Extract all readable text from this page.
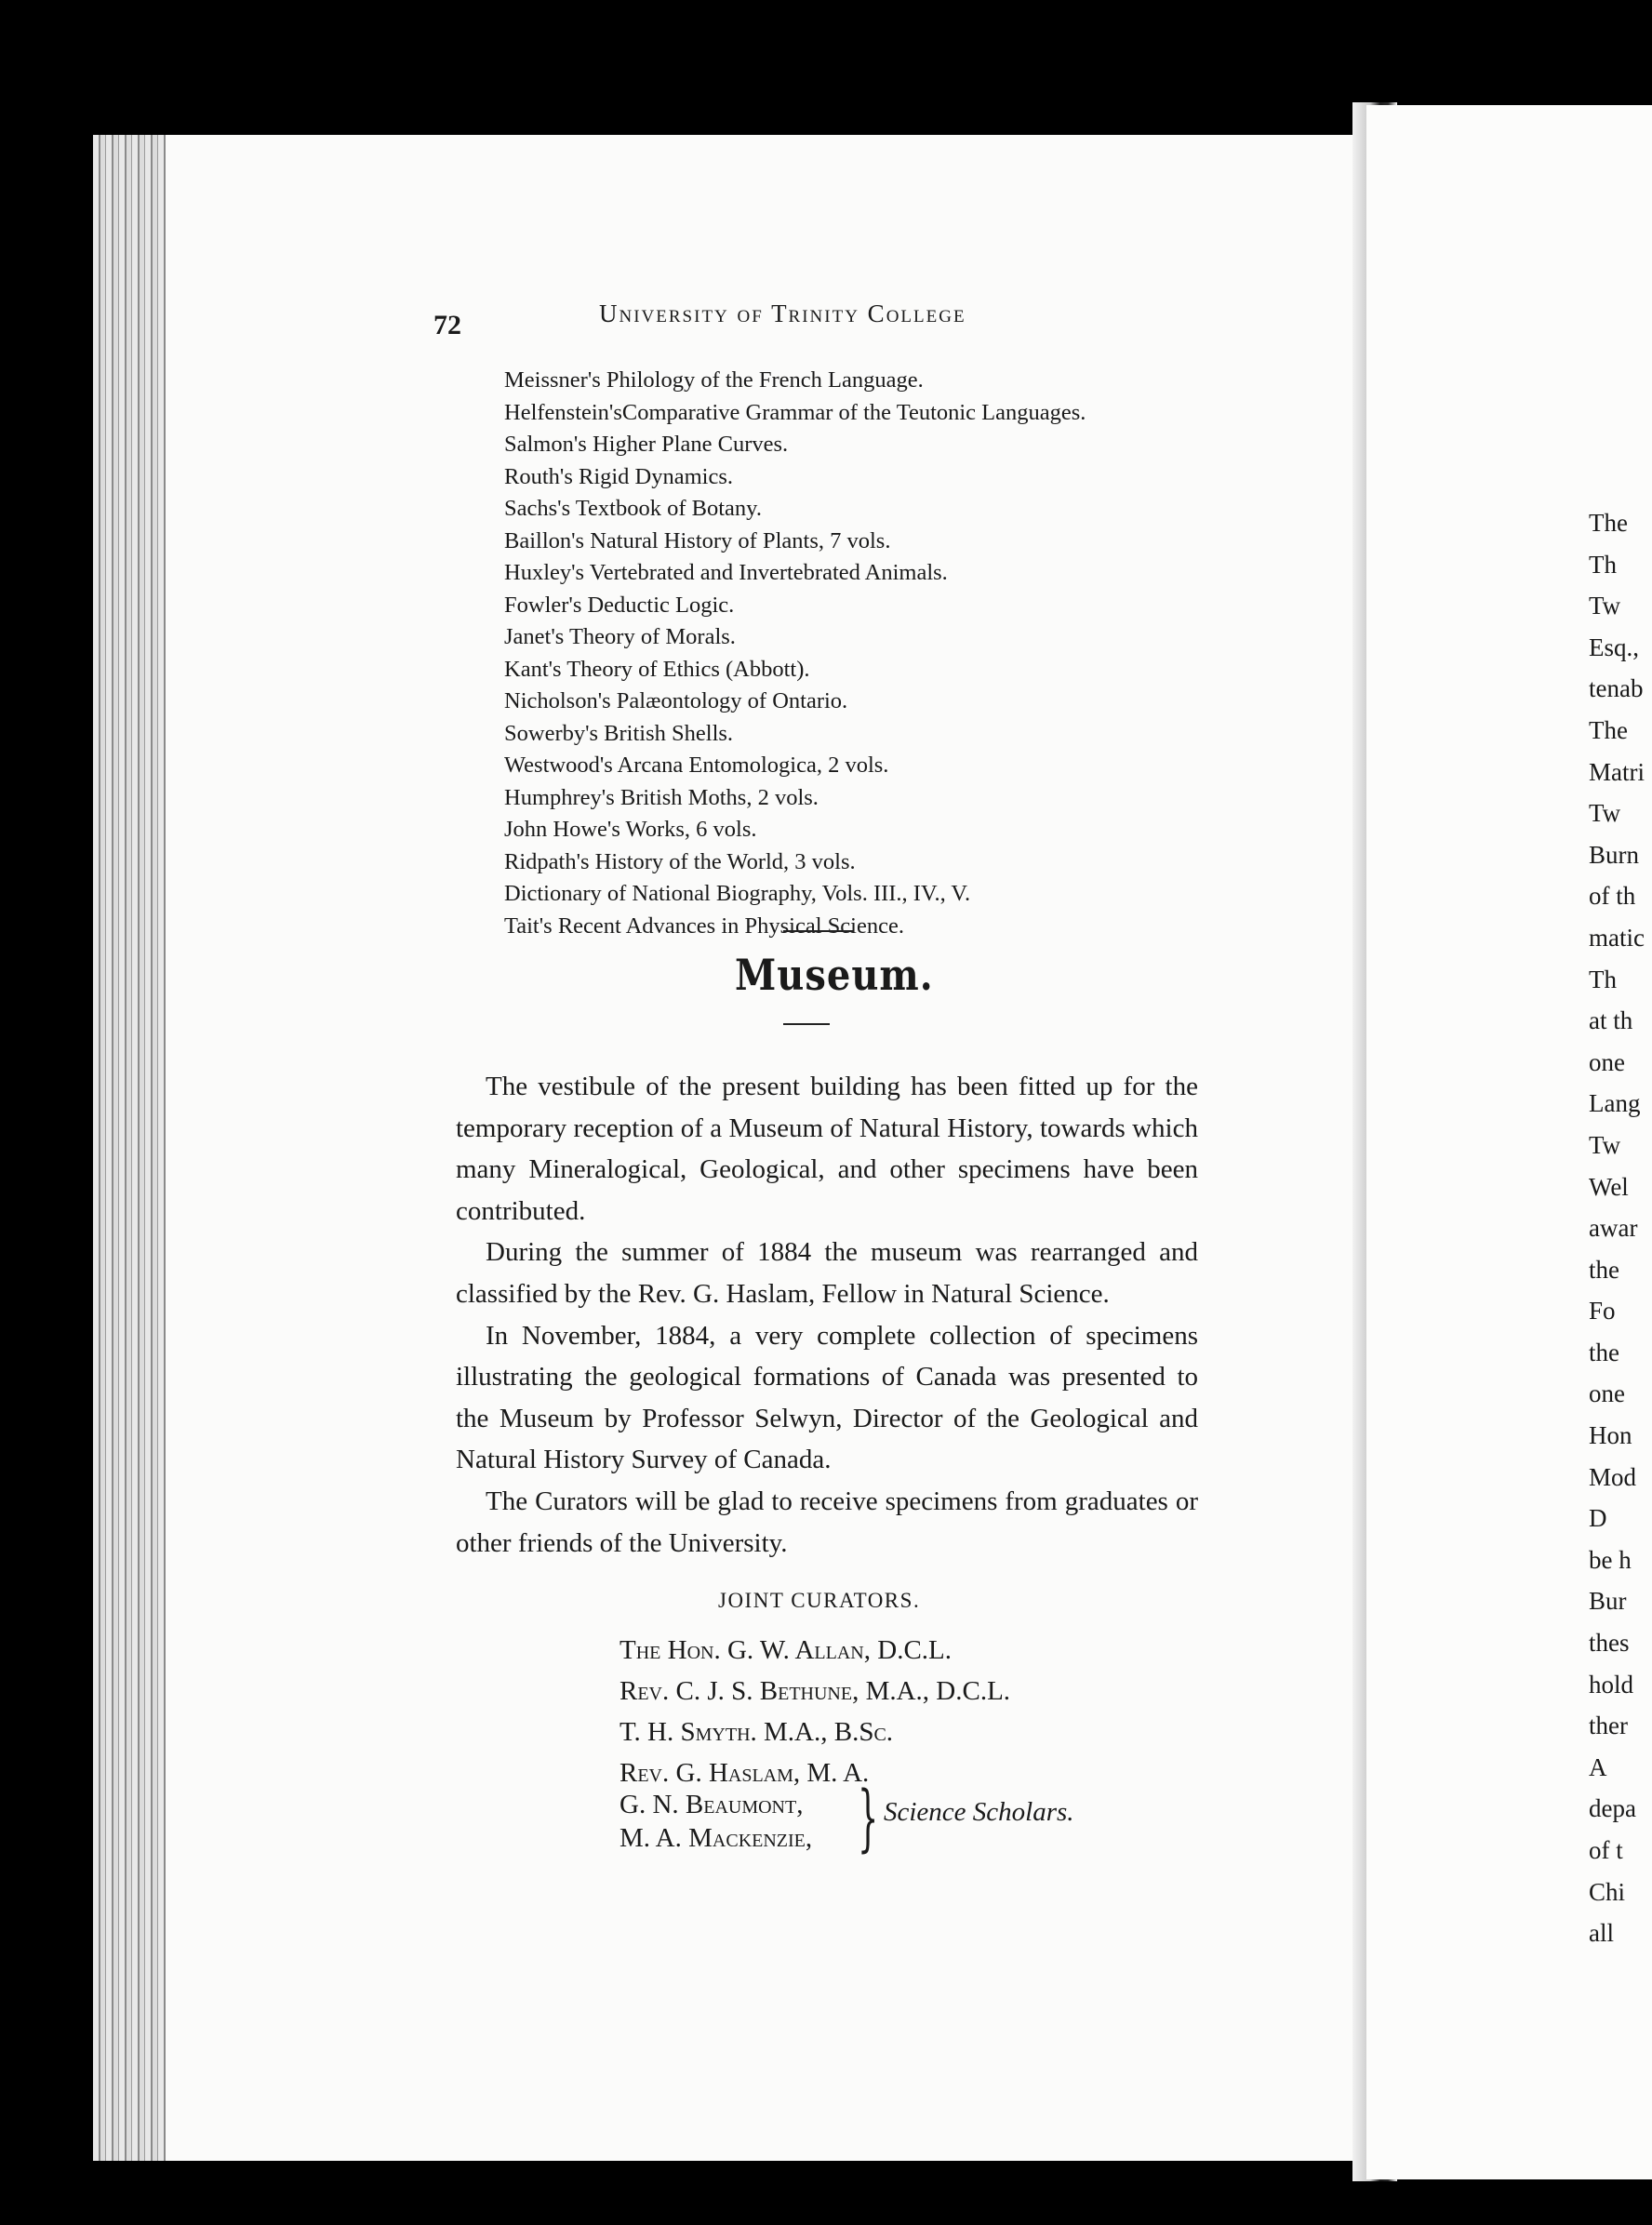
72	University of Trinity College
Meissner's Philology of the French Language.
Helfenstein'sComparative Grammar of the Teutonic Languages.
Salmon's Higher Plane Curves.
Routh's Rigid Dynamics.
Sachs's Textbook of Botany.
Baillon's Natural History of Plants, 7 vols.
Huxley's Vertebrated and Invertebrated Animals.
Fowler's Deductic Logic.
Janet's Theory of Morals.
Kant's Theory of Ethics (Abbott).
Nicholson's Palæontology of Ontario.
Sowerby's British Shells.
Westwood's Arcana Entomologica, 2 vols.
Humphrey's British Moths, 2 vols.
John Howe's Works, 6 vols.
Ridpath's History of the World, 3 vols.
Dictionary of National Biography, Vols. III., IV., V.
Tait's Recent Advances in Physical Science.
Museum.

The vestibule of the present building has been fitted up for the temporary reception of a Museum of Natural History, towards which many Mineralogical, Geological, and other specimens have been contributed.

During the summer of 1884 the museum was rearranged and classified by the Rev. G. Haslam, Fellow in Natural Science.

In November, 1884, a very complete collection of specimens illustrating the geological formations of Canada was presented to the Museum by Professor Selwyn, Director of the Geological and Natural History Survey of Canada.

The Curators will be glad to receive specimens from graduates or other friends of the University.

JOINT CURATORS.
The Hon. G. W. Allan, D.C.L.
Rev. C. J. S. Bethune, M.A., D.C.L.
T. H. Smyth. M.A., B.Sc.
Rev. G. Haslam, M. A.
G. N. Beaumont,
M. A. Mackenzie, } Science Scholars.
The
Th
Tw
Esq.,
tenab
The
Matri
Tw
Burn
of th
matic
Th
at th
one
Lang
Tw
Wel
awar
the
Fo
the
one
Hon
Mod
D
be h
Bur
thes
hold
ther
A
depa
of t
Chi
all
